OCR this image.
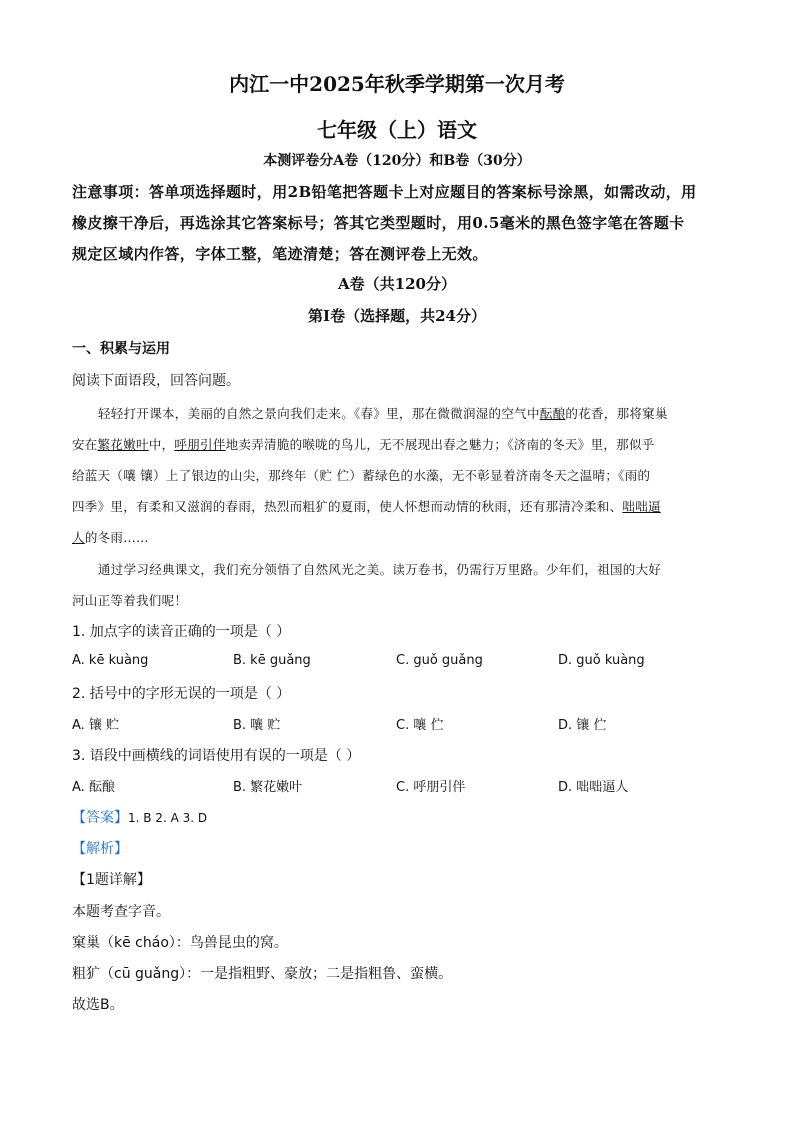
内江一中2025年秋季学期第一次月考
七年级（上）语文
本测评卷分A卷（120分）和B卷（30分）
注意事项：答单项选择题时，用2B铅笔把答题卡上对应题目的答案标号涂黑，如需改动，用
橡皮擦干净后，再选涂其它答案标号；答其它类型题时，用0.5毫米的黑色签字笔在答题卡
规定区域内作答，字体工整，笔迹清楚；答在测评卷上无效。
A卷（共120分）
第Ⅰ卷（选择题，共24分）
一、积累与运用
阅读下面语段，回答问题。
轻轻打开课本，美丽的自然之景向我们走来。《春》里，那在微微润湿的空气中酝酿的花香，那将窠巢
安在繁花嫩叶中，呼朋引伴地卖弄清脆的喉咙的鸟儿，无不展现出春之魅力；《济南的冬天》里，那似乎
给蓝天（嚷 镶）上了银边的山尖，那终年（贮 伫）蓄绿色的水藻，无不彰显着济南冬天之温晴；《雨的
四季》里，有柔和又滋润的春雨，热烈而粗犷的夏雨，使人怀想而动情的秋雨，还有那清冷柔和、咄咄逼
人的冬雨……
通过学习经典课文，我们充分领悟了自然风光之美。读万卷书，仍需行万里路。少年们，祖国的大好
河山正等着我们呢！
1. 加点字的读音正确的一项是（ ）
A. kē kuàng	B. kē guǎng	C. guǒ guǎng	D. guǒ kuàng
2. 括号中的字形无误的一项是（ ）
A. 镶 贮	B. 嚷 贮	C. 嚷 伫	D. 镶 伫
3. 语段中画横线的词语使用有误的一项是（ ）
A. 酝酿	B. 繁花嫩叶	C. 呼朋引伴	D. 咄咄逼人
【答案】1. B 2. A 3. D
【解析】
【1题详解】
本题考查字音。
窠巢（kē cháo）：鸟兽昆虫的窝。
粗犷（cū guǎng）：一是指粗野、豪放；二是指粗鲁、蛮横。
故选B。
